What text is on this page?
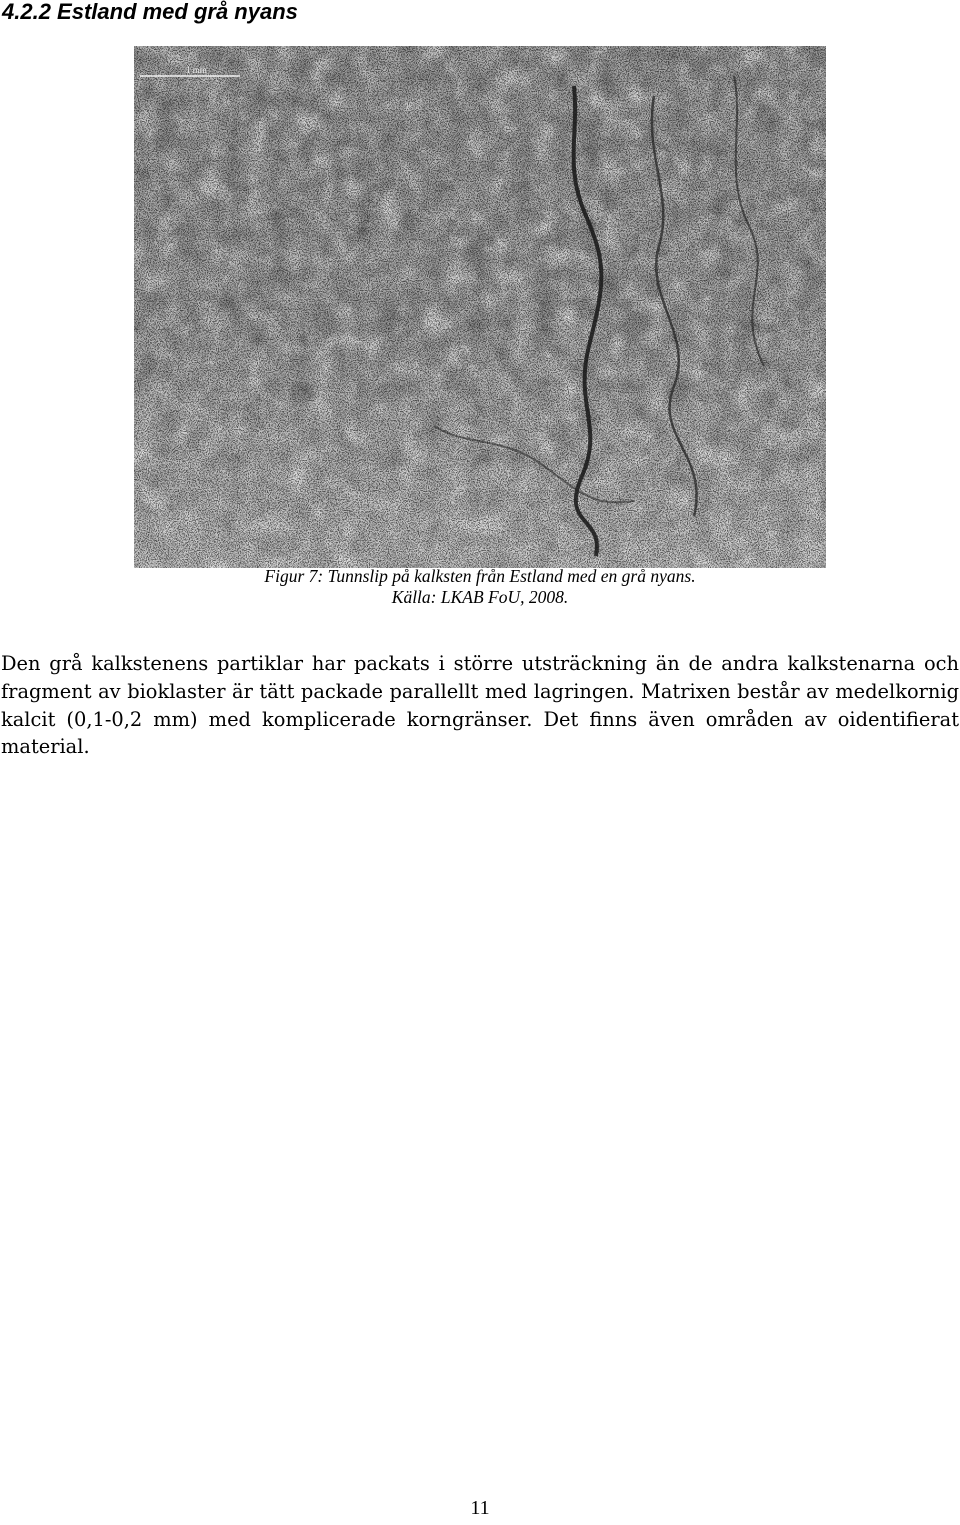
4.2.2 Estland med grå nyans
1 mm
Figur 7: Tunnslip på kalksten från Estland med en grå nyans.
Källa: LKAB FoU, 2008.

Den grå kalkstenens partiklar har packats i större utsträckning än de andra kalkstenarna och fragment av bioklaster är tätt packade parallellt med lagringen. Matrixen består av medelkornig kalcit (0,1-0,2 mm) med komplicerade korngränser. Det finns även områden av oidentifierat material.

11
